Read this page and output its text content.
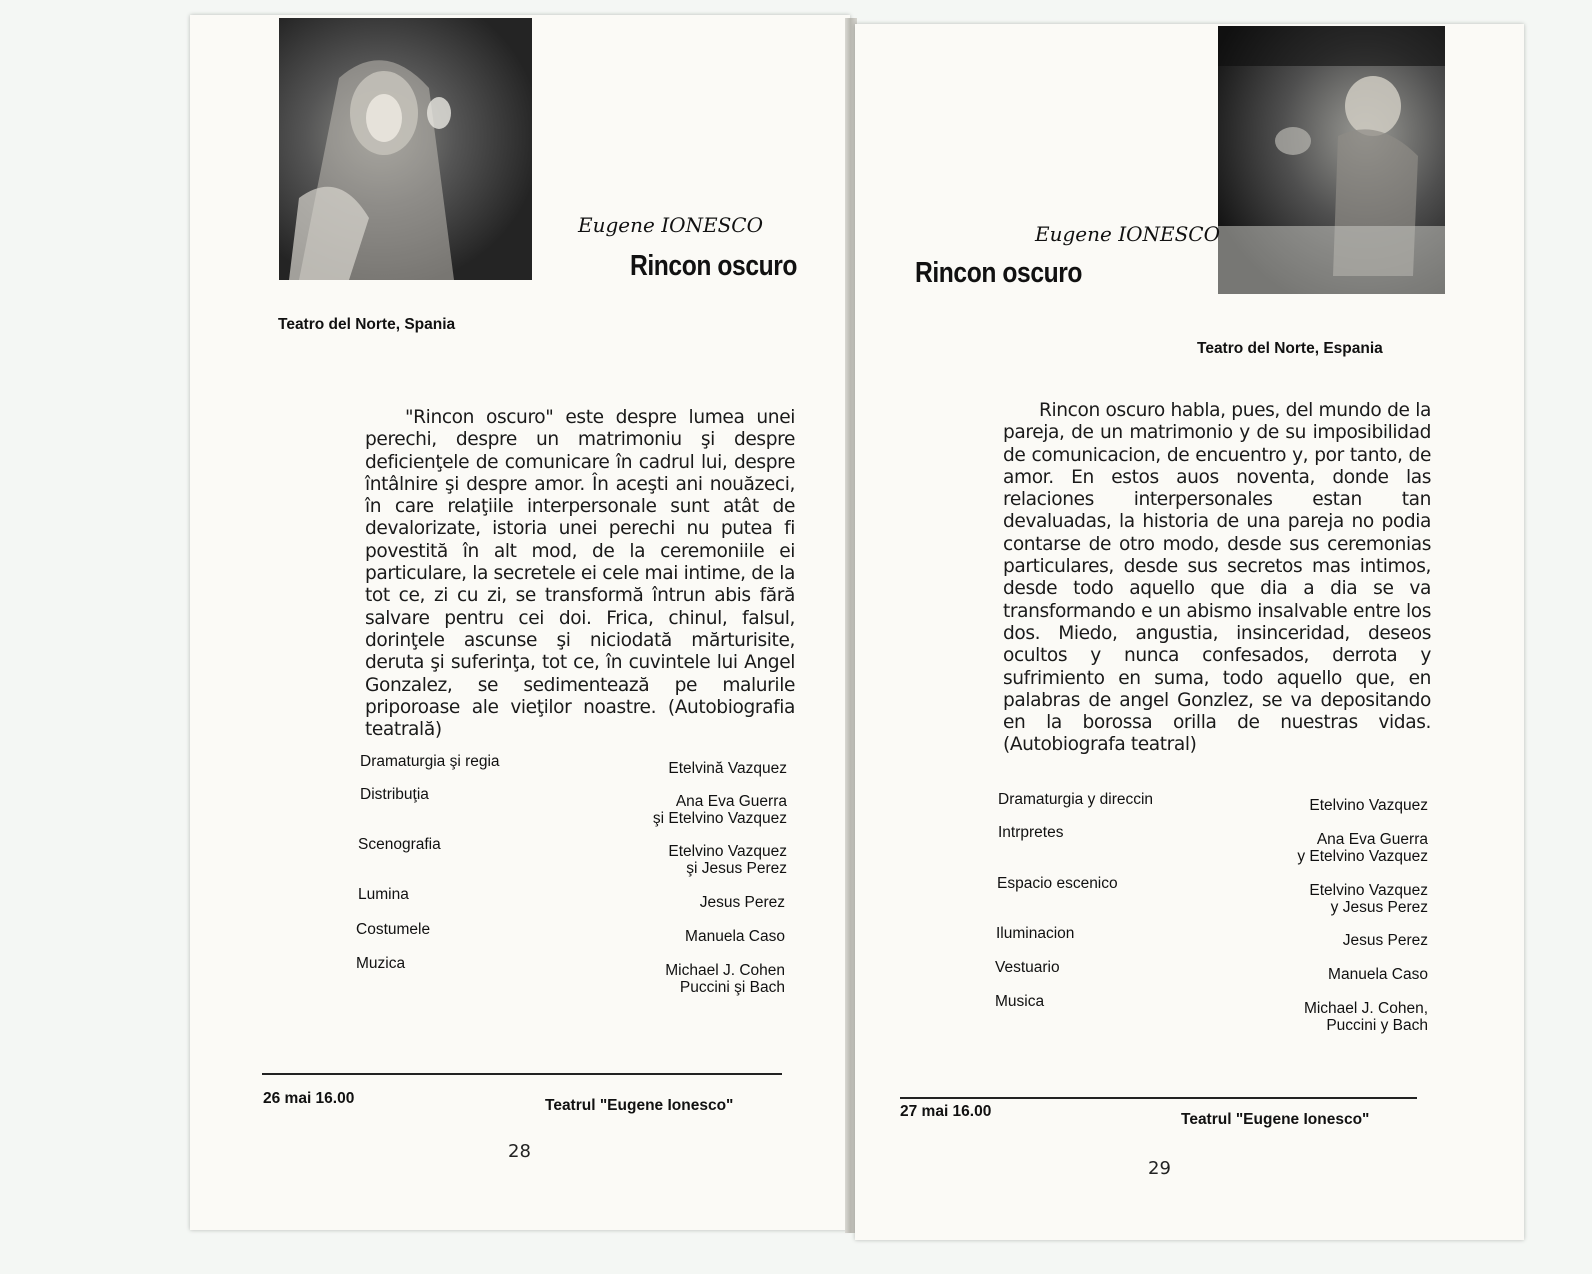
Eugene IONESCO
Rincon oscuro
Teatro del Norte, Spania
"Rincon oscuro" este despre lumea unei perechi, despre un matrimoniu şi despre deficienţele de comunicare în cadrul lui, despre întâlnire şi despre amor. În aceşti ani nouăzeci, în care relaţiile interpersonale sunt atât de devalorizate, istoria unei perechi nu putea fi povestită în alt mod, de la ceremoniile ei particulare, la secretele ei cele mai intime, de la tot ce, zi cu zi, se transformă întrun abis fără salvare pentru cei doi. Frica, chinul, falsul, dorinţele ascunse şi niciodată mărturisite, deruta şi suferinţa, tot ce, în cuvintele lui Angel Gonzalez, se sedimentează pe malurile priporoase ale vieţilor noastre. (Autobiografia teatrală)
Dramaturgia şi regia	Etelvină Vazquez
Distribuţia	Ana Eva Guerra
şi Etelvino Vazquez
Scenografia	Etelvino Vazquez
şi Jesus Perez
Lumina	Jesus Perez
Costumele	Manuela Caso
Muzica	Michael J. Cohen
Puccini şi Bach
26 mai 16.00	Teatrul "Eugene Ionesco"
28
Eugene IONESCO
Rincon oscuro
Teatro del Norte, Espania
Rincon oscuro habla, pues, del mundo de la pareja, de un matrimonio y de su imposibilidad de comunicacion, de encuentro y, por tanto, de amor. En estos auos noventa, donde las relaciones interpersonales estan tan devaluadas, la historia de una pareja no podia contarse de otro modo, desde sus ceremonias particulares, desde sus secretos mas intimos, desde todo aquello que dia a dia se va transformando e un abismo insalvable entre los dos. Miedo, angustia, insinceridad, deseos ocultos y nunca confesados, derrota y sufrimiento en suma, todo aquello que, en palabras de angel Gonzlez, se va depositando en la borossa orilla de nuestras vidas. (Autobiografa teatral)
Dramaturgia y direccin	Etelvino Vazquez
Intrpretes	Ana Eva Guerra
y Etelvino Vazquez
Espacio escenico	Etelvino Vazquez
y Jesus Perez
Iluminacion	Jesus Perez
Vestuario	Manuela Caso
Musica	Michael J. Cohen,
Puccini y Bach
27 mai 16.00	Teatrul "Eugene Ionesco"
29
